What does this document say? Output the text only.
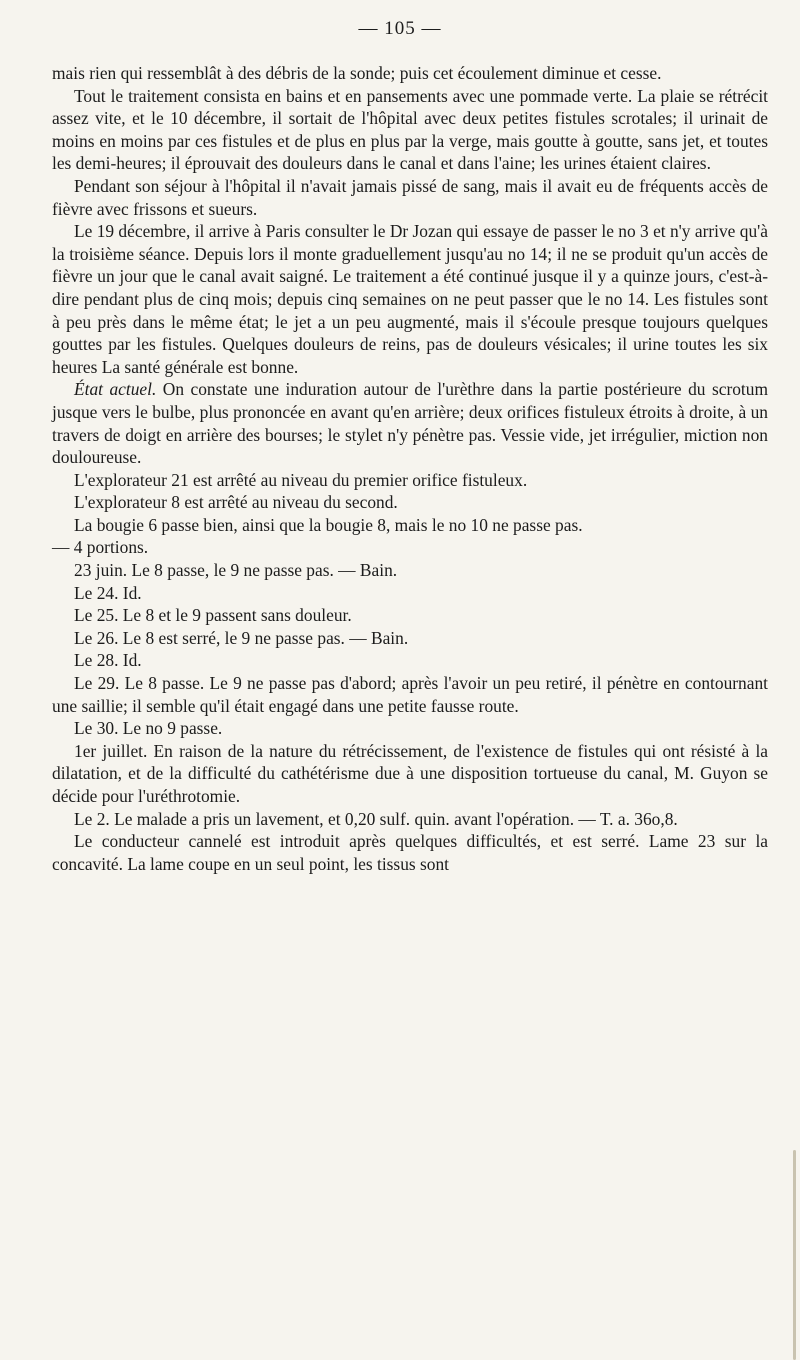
— 105 —

mais rien qui ressemblât à des débris de la sonde; puis cet écoulement diminue et cesse.

Tout le traitement consista en bains et en pansements avec une pommade verte. La plaie se rétrécit assez vite, et le 10 décembre, il sortait de l'hôpital avec deux petites fistules scrotales; il urinait de moins en moins par ces fistules et de plus en plus par la verge, mais goutte à goutte, sans jet, et toutes les demi-heures; il éprouvait des douleurs dans le canal et dans l'aine; les urines étaient claires.

Pendant son séjour à l'hôpital il n'avait jamais pissé de sang, mais il avait eu de fréquents accès de fièvre avec frissons et sueurs.

Le 19 décembre, il arrive à Paris consulter le Dr Jozan qui essaye de passer le no 3 et n'y arrive qu'à la troisième séance. Depuis lors il monte graduellement jusqu'au no 14; il ne se produit qu'un accès de fièvre un jour que le canal avait saigné. Le traitement a été continué jusque il y a quinze jours, c'est-à-dire pendant plus de cinq mois; depuis cinq semaines on ne peut passer que le no 14. Les fistules sont à peu près dans le même état; le jet a un peu augmenté, mais il s'écoule presque toujours quelques gouttes par les fistules. Quelques douleurs de reins, pas de douleurs vésicales; il urine toutes les six heures La santé générale est bonne.

État actuel. On constate une induration autour de l'urèthre dans la partie postérieure du scrotum jusque vers le bulbe, plus prononcée en avant qu'en arrière; deux orifices fistuleux étroits à droite, à un travers de doigt en arrière des bourses; le stylet n'y pénètre pas. Vessie vide, jet irrégulier, miction non douloureuse.

L'explorateur 21 est arrêté au niveau du premier orifice fistuleux.

L'explorateur 8 est arrêté au niveau du second.

La bougie 6 passe bien, ainsi que la bougie 8, mais le no 10 ne passe pas.

— 4 portions.

23 juin. Le 8 passe, le 9 ne passe pas. — Bain.

Le 24. Id.

Le 25. Le 8 et le 9 passent sans douleur.

Le 26. Le 8 est serré, le 9 ne passe pas. — Bain.

Le 28. Id.

Le 29. Le 8 passe. Le 9 ne passe pas d'abord; après l'avoir un peu retiré, il pénètre en contournant une saillie; il semble qu'il était engagé dans une petite fausse route.

Le 30. Le no 9 passe.

1er juillet. En raison de la nature du rétrécissement, de l'existence de fistules qui ont résisté à la dilatation, et de la difficulté du cathétérisme due à une disposition tortueuse du canal, M. Guyon se décide pour l'uréthrotomie.

Le 2. Le malade a pris un lavement, et 0,20 sulf. quin. avant l'opération. — T. a. 36o,8.

Le conducteur cannelé est introduit après quelques difficultés, et est serré. Lame 23 sur la concavité. La lame coupe en un seul point, les tissus sont
